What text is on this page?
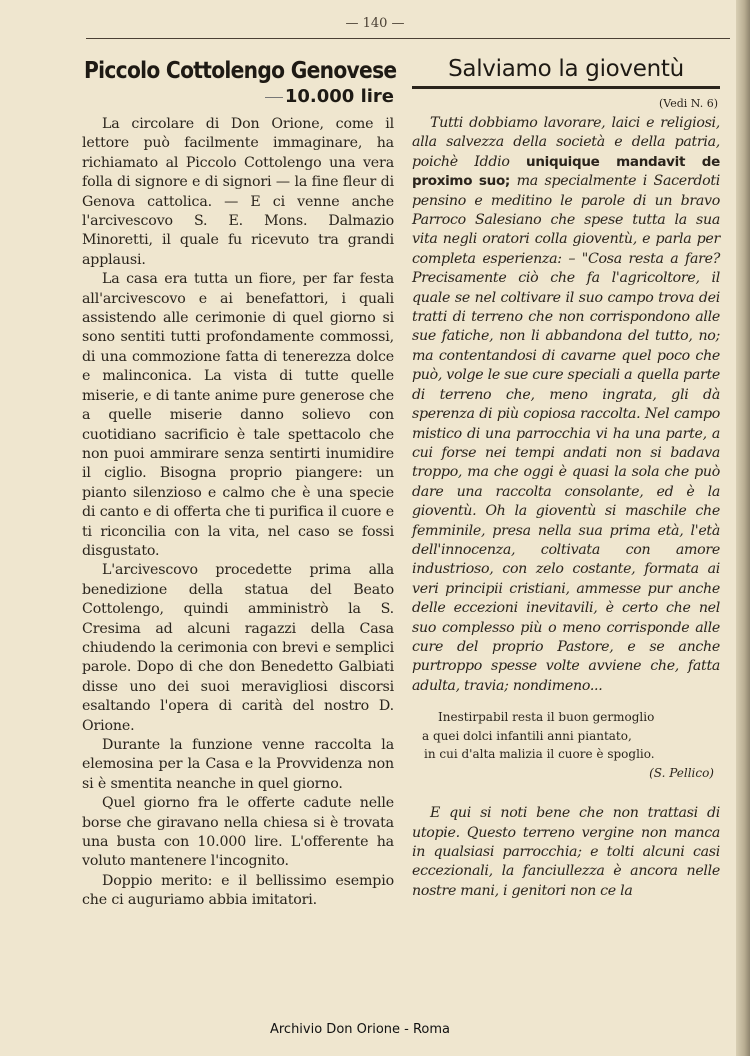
— 140 —
Piccolo Cottolengo Genovese
10.000 lire

La circolare di Don Orione, come il lettore può facilmente immaginare, ha richiamato al Piccolo Cottolengo una vera folla di signore e di signori — la fine fleur di Genova cattolica. — E ci venne anche l'arcivescovo S. E. Mons. Dalmazio Minoretti, il quale fu ricevuto tra grandi applausi.

La casa era tutta un fiore, per far festa all'arcivescovo e ai benefattori, i quali assistendo alle cerimonie di quel giorno si sono sentiti tutti profondamente commossi, di una commozione fatta di tenerezza dolce e malinconica. La vista di tutte quelle miserie, e di tante anime pure generose che a quelle miserie danno solievo con cuotidiano sacrificio è tale spettacolo che non puoi ammirare senza sentirti inumidire il ciglio. Bisogna proprio piangere: un pianto silenzioso e calmo che è una specie di canto e di offerta che ti purifica il cuore e ti riconcilia con la vita, nel caso se fossi disgustato.

L'arcivescovo procedette prima alla benedizione della statua del Beato Cottolengo, quindi amministrò la S. Cresima ad alcuni ragazzi della Casa chiudendo la cerimonia con brevi e semplici parole. Dopo di che don Benedetto Galbiati disse uno dei suoi meravigliosi discorsi esaltando l'opera di carità del nostro D. Orione.

Durante la funzione venne raccolta la elemosina per la Casa e la Provvidenza non si è smentita neanche in quel giorno.

Quel giorno fra le offerte cadute nelle borse che giravano nella chiesa si è trovata una busta con 10.000 lire. L'offerente ha voluto mantenere l'incognito.

Doppio merito: e il bellissimo esempio che ci auguriamo abbia imitatori.

Salviamo la gioventù
(Vedi N. 6)

Tutti dobbiamo lavorare, laici e religiosi, alla salvezza della società e della patria, poichè Iddio uniquique mandavit de proximo suo; ma specialmente i Sacerdoti pensino e meditino le parole di un bravo Parroco Salesiano che spese tutta la sua vita negli oratori colla gioventù, e parla per completa esperienza: – "Cosa resta a fare? Precisamente ciò che fa l'agricoltore, il quale se nel coltivare il suo campo trova dei tratti di terreno che non corrispondono alle sue fatiche, non li abbandona del tutto, no; ma contentandosi di cavarne quel poco che può, volge le sue cure speciali a quella parte di terreno che, meno ingrata, gli dà sperenza di più copiosa raccolta. Nel campo mistico di una parrocchia vi ha una parte, a cui forse nei tempi andati non si badava troppo, ma che oggi è quasi la sola che può dare una raccolta consolante, ed è la gioventù. Oh la gioventù si maschile che femminile, presa nella sua prima età, l'età dell'innocenza, coltivata con amore industrioso, con zelo costante, formata ai veri principii cristiani, ammesse pur anche delle eccezioni inevitavili, è certo che nel suo complesso più o meno corrisponde alle cure del proprio Pastore, e se anche purtroppo spesse volte avviene che, fatta adulta, travia; nondimeno...

Inestirpabil resta il buon germoglio
a quei dolci infantili anni piantato,
in cui d'alta malizia il cuore è spoglio.
(S. Pellico)

E qui si noti bene che non trattasi di utopie. Questo terreno vergine non manca in qualsiasi parrocchia; e tolti alcuni casi eccezionali, la fanciullezza è ancora nelle nostre mani, i genitori non ce la

Archivio Don Orione - Roma
